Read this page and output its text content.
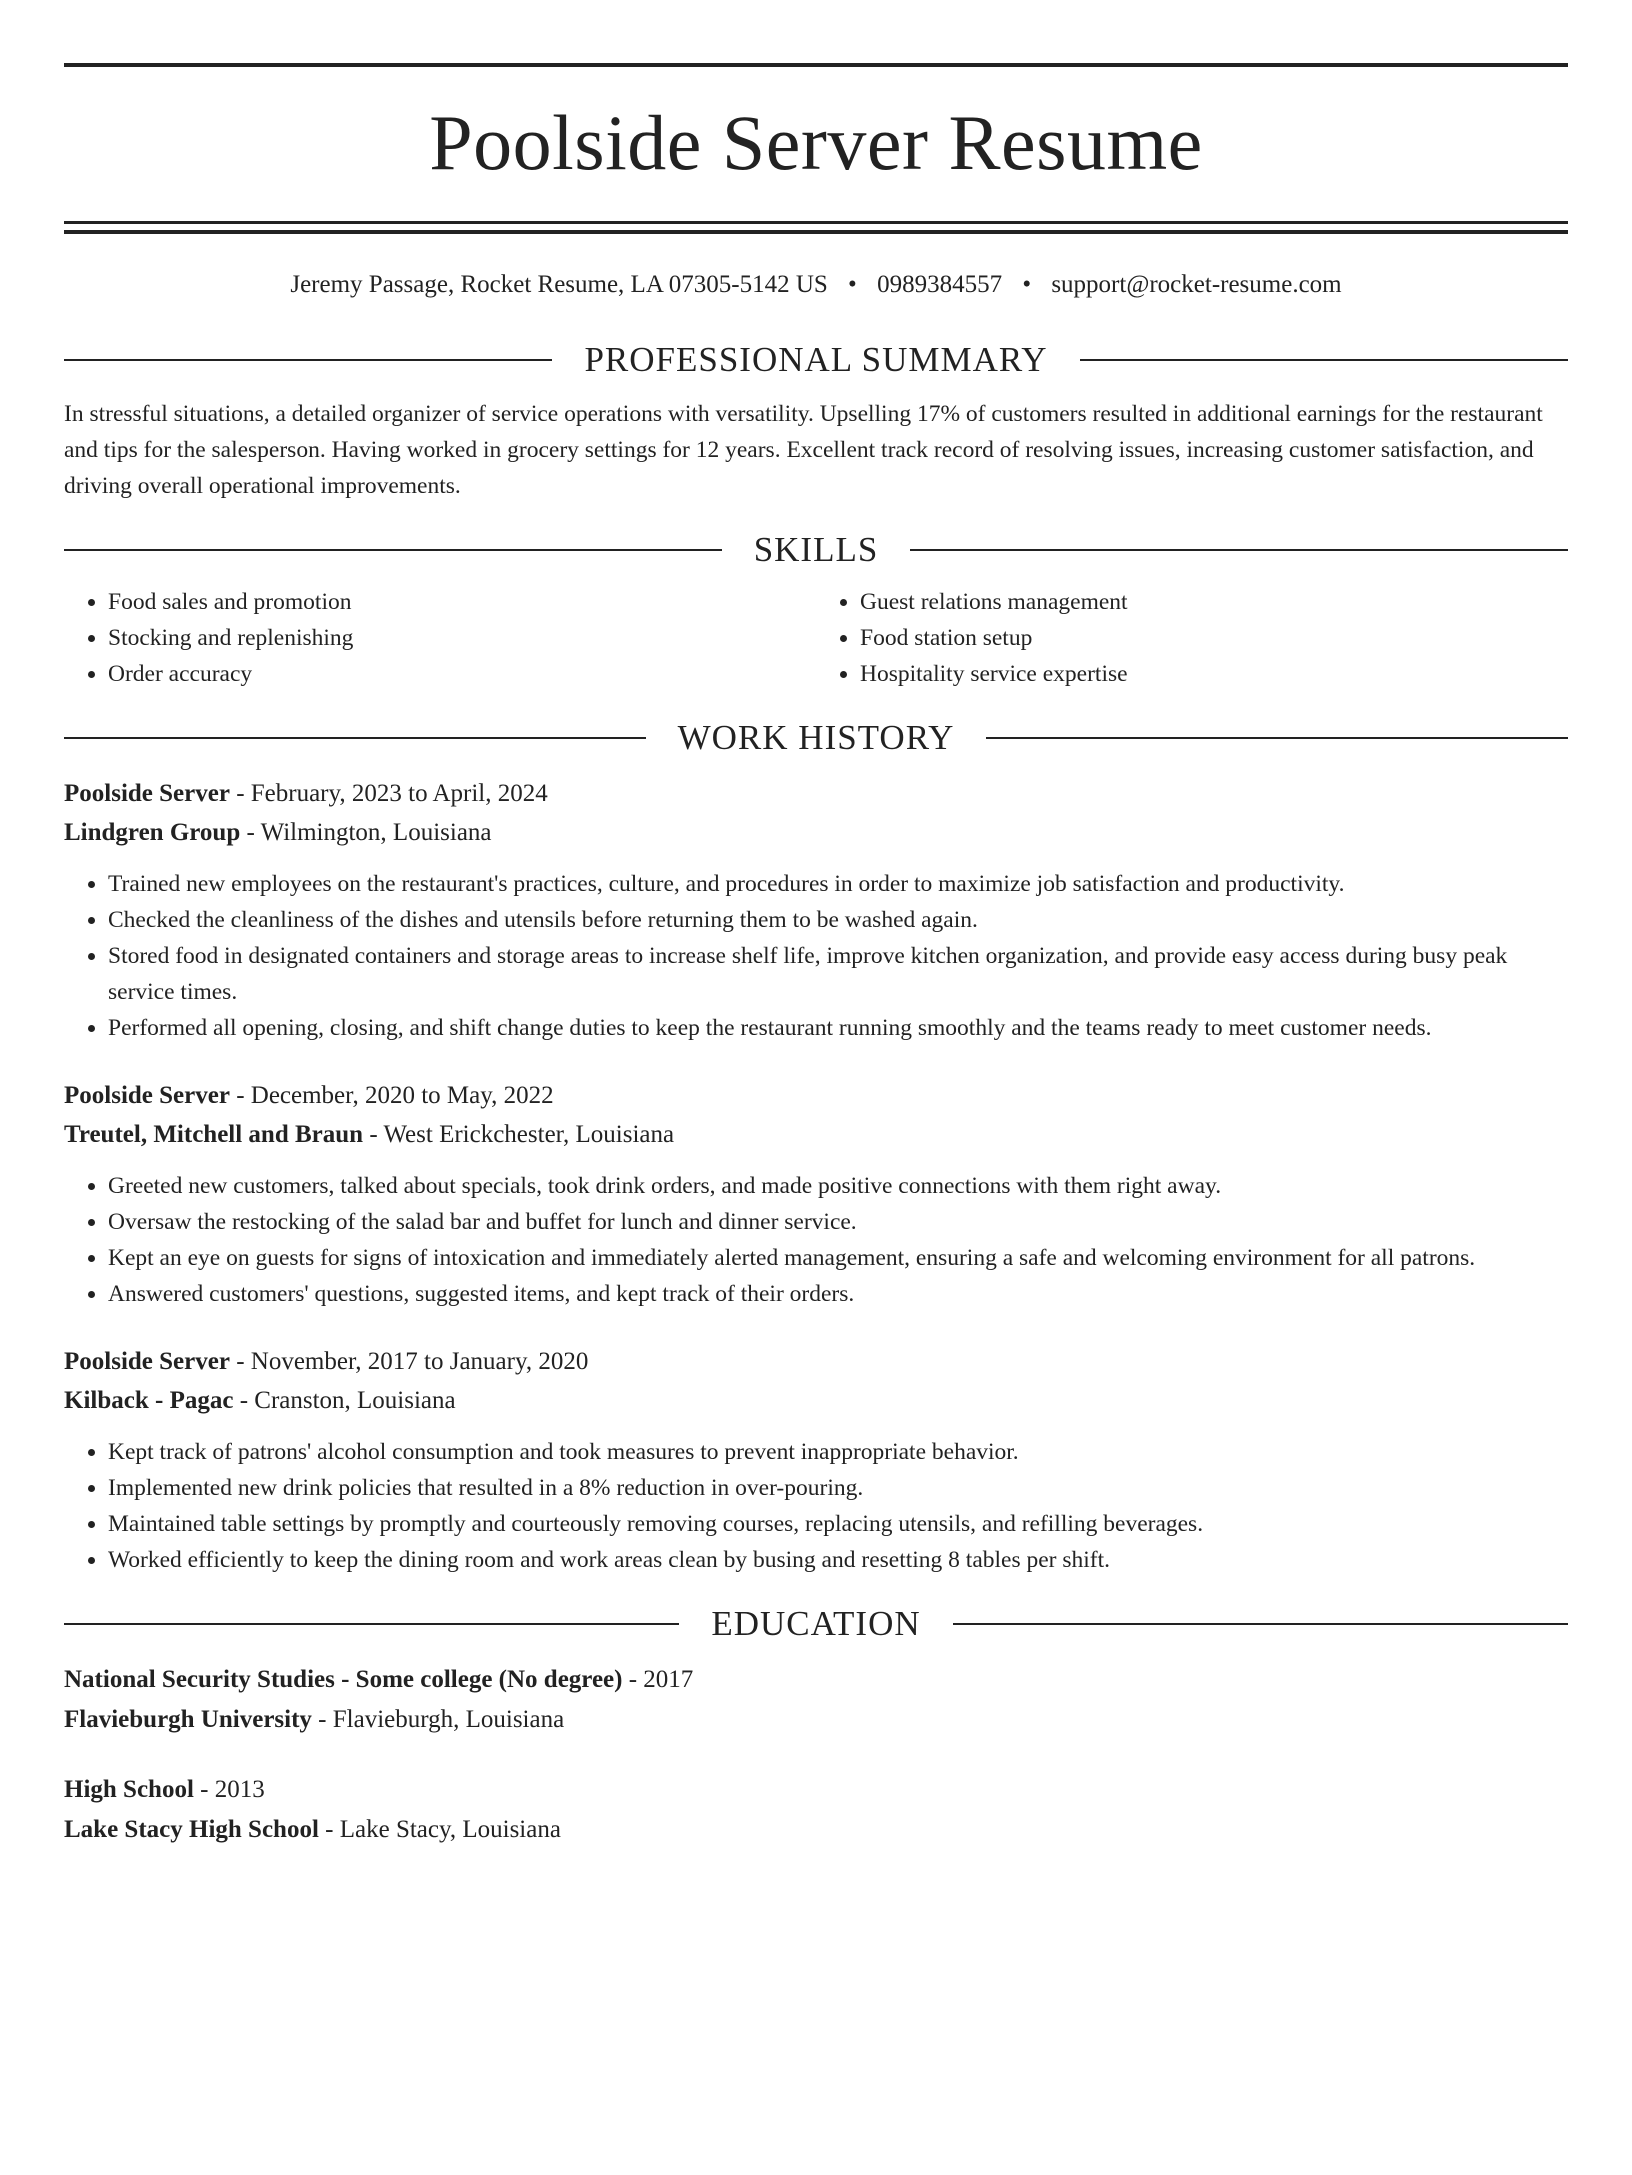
Poolside Server Resume
Jeremy Passage, Rocket Resume, LA 07305-5142 US • 0989384557 • support@rocket-resume.com
PROFESSIONAL SUMMARY
In stressful situations, a detailed organizer of service operations with versatility. Upselling 17% of customers resulted in additional earnings for the restaurant and tips for the salesperson. Having worked in grocery settings for 12 years. Excellent track record of resolving issues, increasing customer satisfaction, and driving overall operational improvements.
SKILLS
• Food sales and promotion
• Stocking and replenishing
• Order accuracy
• Guest relations management
• Food station setup
• Hospitality service expertise
WORK HISTORY
Poolside Server - February, 2023 to April, 2024
Lindgren Group - Wilmington, Louisiana
• Trained new employees on the restaurant's practices, culture, and procedures in order to maximize job satisfaction and productivity.
• Checked the cleanliness of the dishes and utensils before returning them to be washed again.
• Stored food in designated containers and storage areas to increase shelf life, improve kitchen organization, and provide easy access during busy peak service times.
• Performed all opening, closing, and shift change duties to keep the restaurant running smoothly and the teams ready to meet customer needs.
Poolside Server - December, 2020 to May, 2022
Treutel, Mitchell and Braun - West Erickchester, Louisiana
• Greeted new customers, talked about specials, took drink orders, and made positive connections with them right away.
• Oversaw the restocking of the salad bar and buffet for lunch and dinner service.
• Kept an eye on guests for signs of intoxication and immediately alerted management, ensuring a safe and welcoming environment for all patrons.
• Answered customers' questions, suggested items, and kept track of their orders.
Poolside Server - November, 2017 to January, 2020
Kilback - Pagac - Cranston, Louisiana
• Kept track of patrons' alcohol consumption and took measures to prevent inappropriate behavior.
• Implemented new drink policies that resulted in a 8% reduction in over-pouring.
• Maintained table settings by promptly and courteously removing courses, replacing utensils, and refilling beverages.
• Worked efficiently to keep the dining room and work areas clean by busing and resetting 8 tables per shift.
EDUCATION
National Security Studies - Some college (No degree) - 2017
Flavieburgh University - Flavieburgh, Louisiana
High School - 2013
Lake Stacy High School - Lake Stacy, Louisiana
